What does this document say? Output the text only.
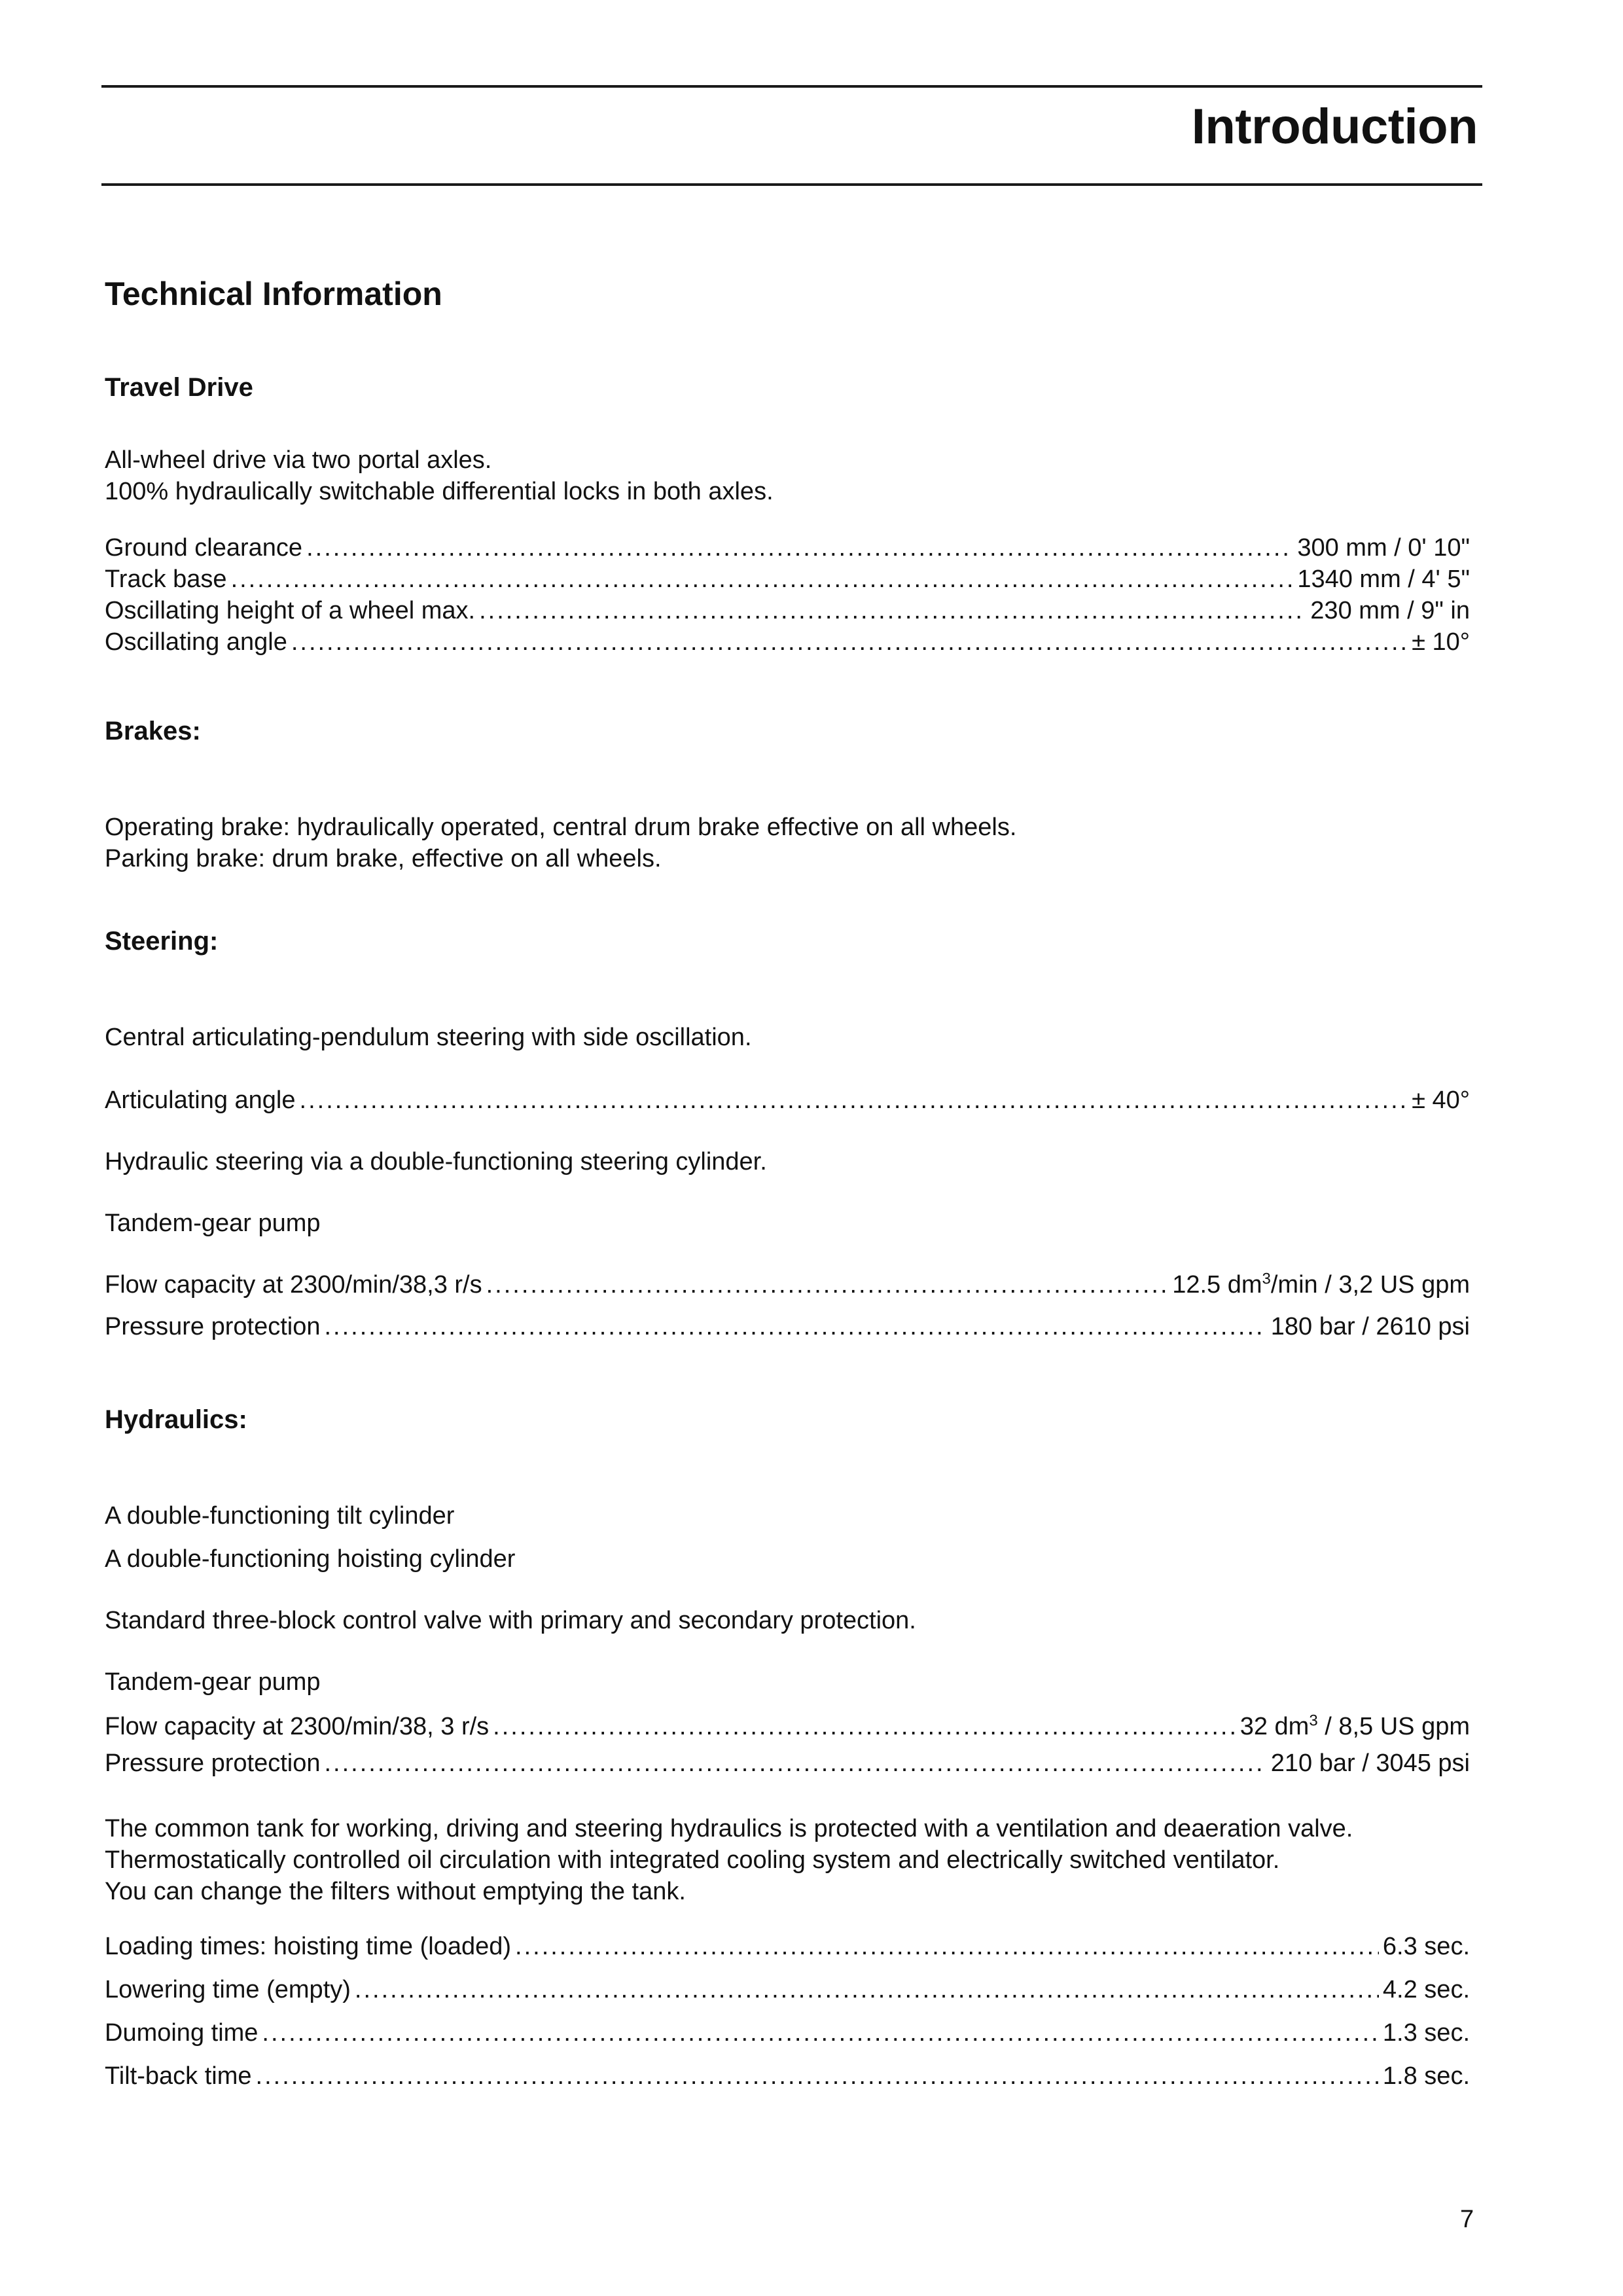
Introduction
Technical Information
Travel Drive

All-wheel drive via two portal axles.

100% hydraulically switchable differential locks in both axles.

Ground clearance .....	300 mm / 0' 10"
Track base .....	1340 mm / 4' 5"
Oscillating height of a wheel max. .....	230 mm / 9" in
Oscillating angle .....	± 10°
Brakes:

Operating brake: hydraulically operated, central drum brake effective on all wheels.

Parking brake: drum brake, effective on all wheels.

Steering:

Central articulating-pendulum steering with side oscillation.

Articulating angle .....	± 40°

Hydraulic steering via a double-functioning steering cylinder.

Tandem-gear pump

Flow capacity at 2300/min/38,3 r/s .....	12.5 $dm^3/\min / 3,2$ US gpm
Pressure protection .....	180 bar / 2610 psi
Hydraulics:

A double-functioning tilt cylinder

A double-functioning hoisting cylinder

Standard three-block control valve with primary and secondary protection.

Tandem-gear pump

Flow capacity at 2300/min/38, 3 r/s .....	32 $dm^3 / 8,5$ US gpm
Pressure protection .....	210 bar / 3045 psi

The common tank for working, driving and steering hydraulics is protected with a ventilation and deaeration valve.

Thermostatically controlled oil circulation with integrated cooling system and electrically switched ventilator.

You can change the filters without emptying the tank.

Loading times: hoisting time (loaded) .....	6.3 sec.
Lowering time (empty) .....	4.2 sec.
Dumoing time .....	1.3 sec.
Tilt-back time .....	1.8 sec.
7
